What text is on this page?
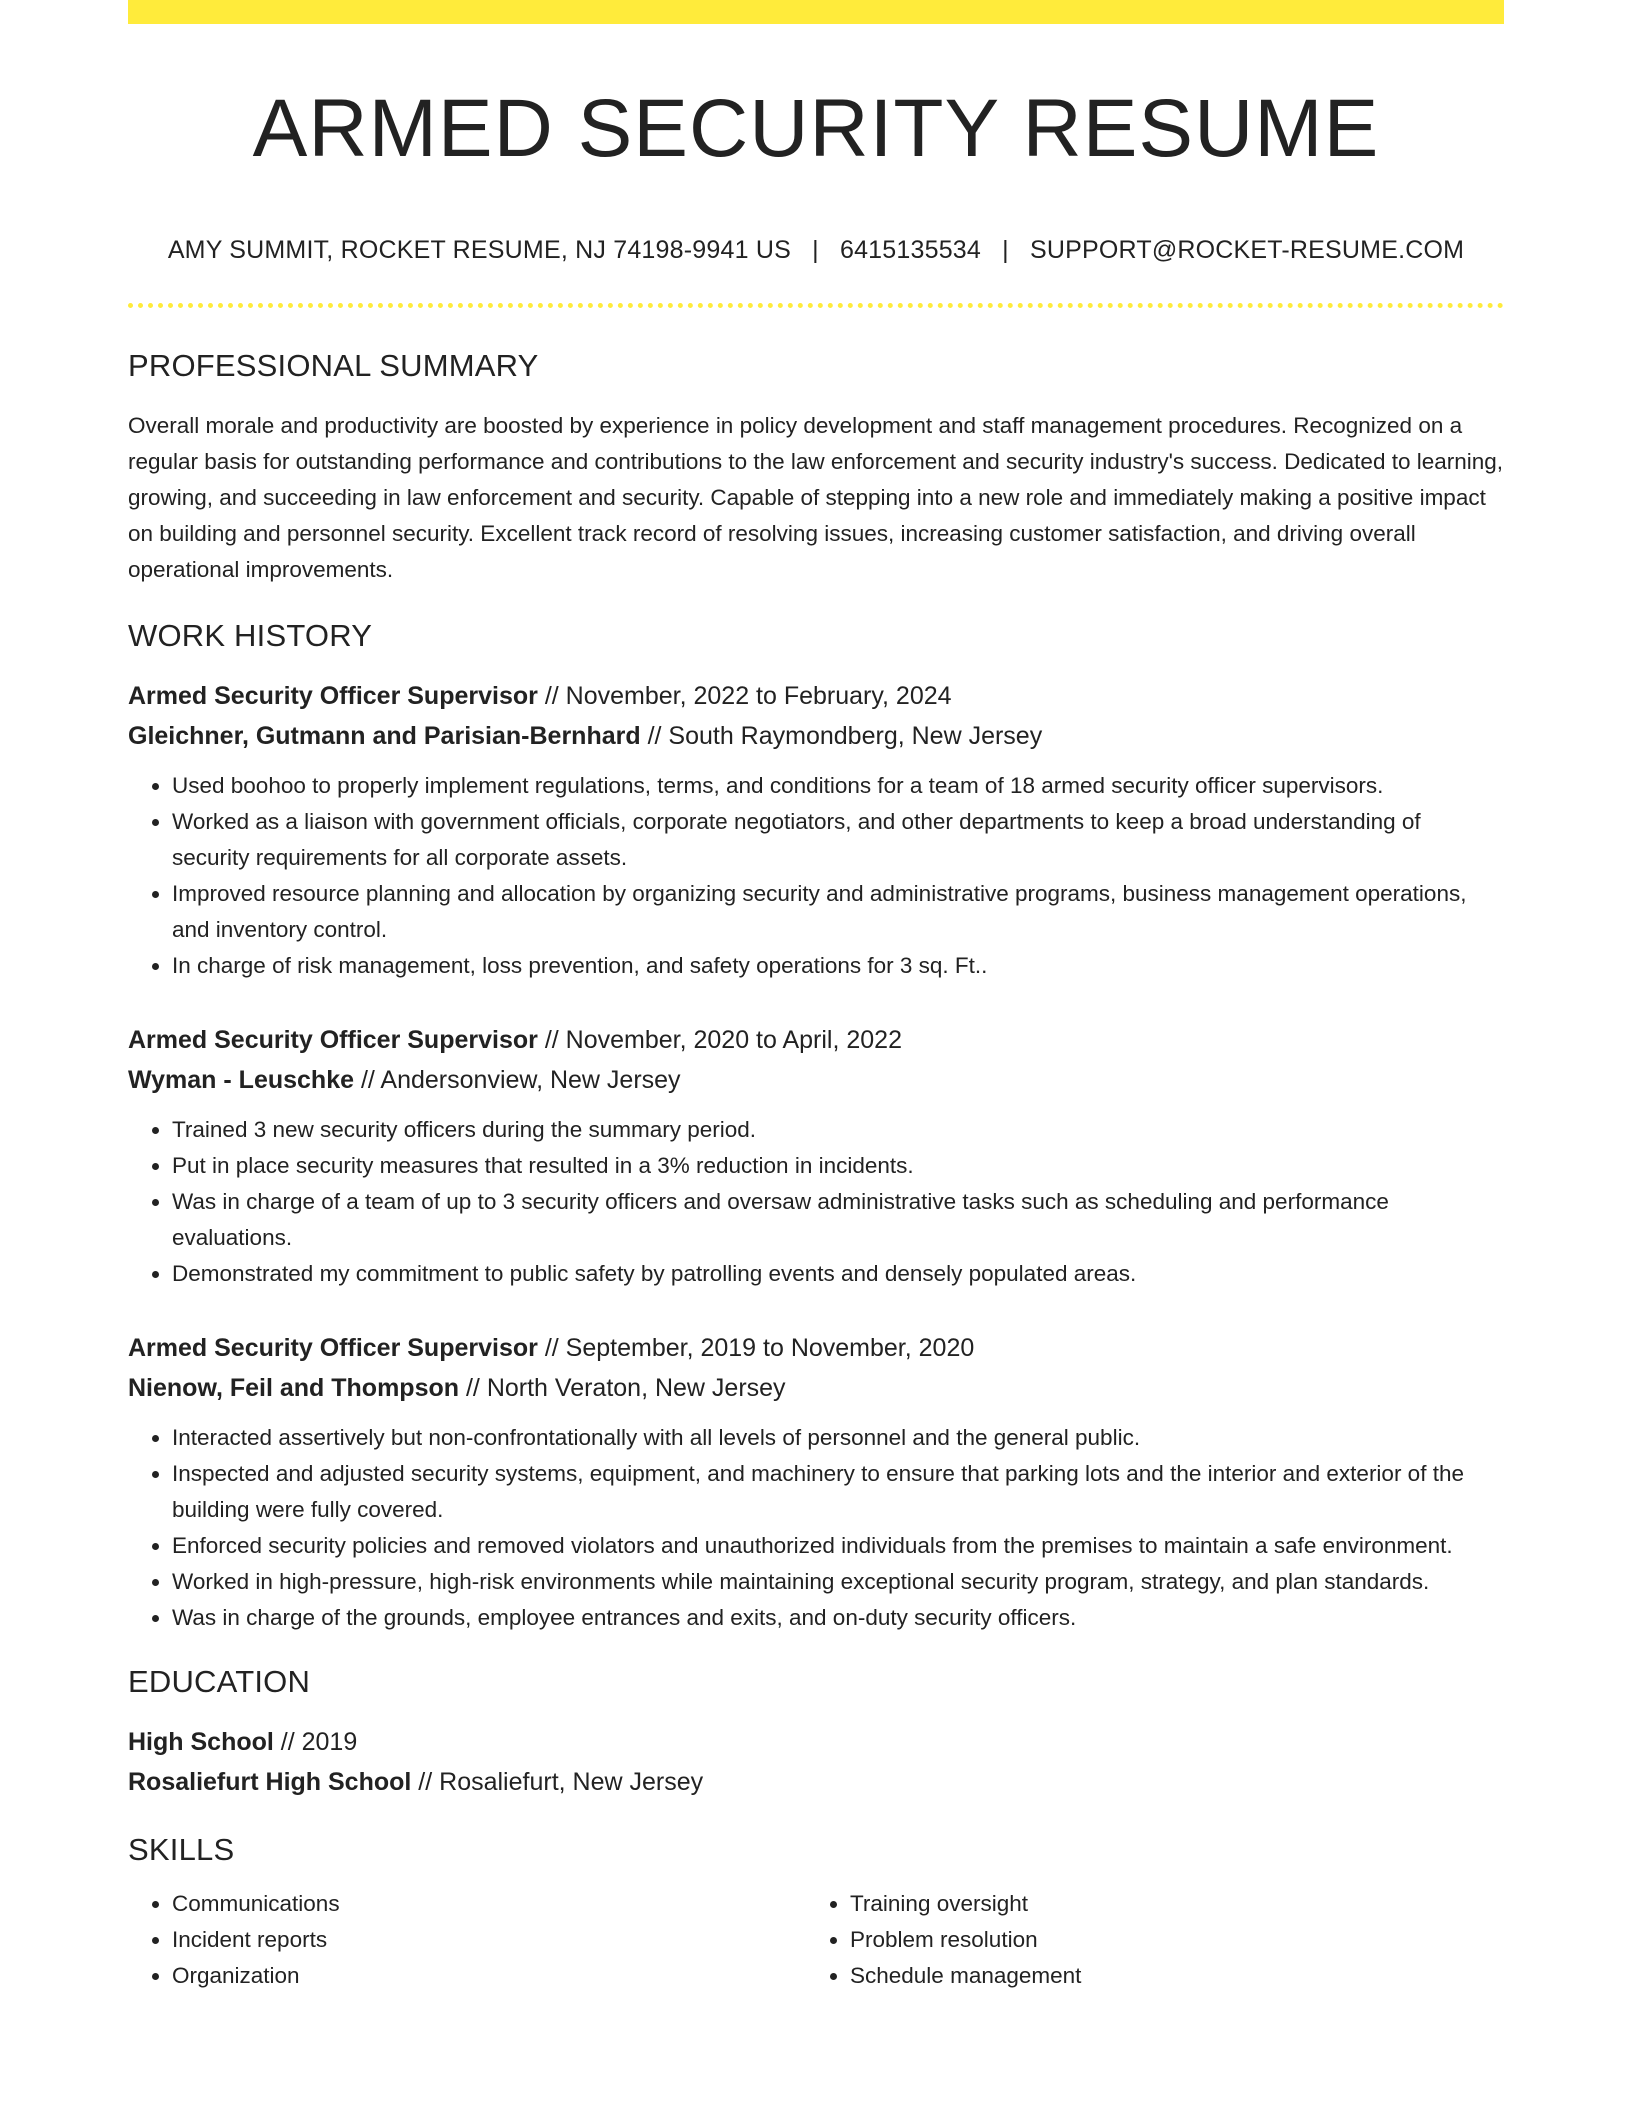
ARMED SECURITY RESUME
AMY SUMMIT, ROCKET RESUME, NJ 74198-9941 US | 6415135534 | SUPPORT@ROCKET-RESUME.COM
PROFESSIONAL SUMMARY
Overall morale and productivity are boosted by experience in policy development and staff management procedures. Recognized on a regular basis for outstanding performance and contributions to the law enforcement and security industry's success. Dedicated to learning, growing, and succeeding in law enforcement and security. Capable of stepping into a new role and immediately making a positive impact on building and personnel security. Excellent track record of resolving issues, increasing customer satisfaction, and driving overall operational improvements.
WORK HISTORY
Armed Security Officer Supervisor // November, 2022 to February, 2024
Gleichner, Gutmann and Parisian-Bernhard // South Raymondberg, New Jersey
• Used boohoo to properly implement regulations, terms, and conditions for a team of 18 armed security officer supervisors.
• Worked as a liaison with government officials, corporate negotiators, and other departments to keep a broad understanding of security requirements for all corporate assets.
• Improved resource planning and allocation by organizing security and administrative programs, business management operations, and inventory control.
• In charge of risk management, loss prevention, and safety operations for 3 sq. Ft..
Armed Security Officer Supervisor // November, 2020 to April, 2022
Wyman - Leuschke // Andersonview, New Jersey
• Trained 3 new security officers during the summary period.
• Put in place security measures that resulted in a 3% reduction in incidents.
• Was in charge of a team of up to 3 security officers and oversaw administrative tasks such as scheduling and performance evaluations.
• Demonstrated my commitment to public safety by patrolling events and densely populated areas.
Armed Security Officer Supervisor // September, 2019 to November, 2020
Nienow, Feil and Thompson // North Veraton, New Jersey
• Interacted assertively but non-confrontationally with all levels of personnel and the general public.
• Inspected and adjusted security systems, equipment, and machinery to ensure that parking lots and the interior and exterior of the building were fully covered.
• Enforced security policies and removed violators and unauthorized individuals from the premises to maintain a safe environment.
• Worked in high-pressure, high-risk environments while maintaining exceptional security program, strategy, and plan standards.
• Was in charge of the grounds, employee entrances and exits, and on-duty security officers.
EDUCATION
High School // 2019
Rosaliefurt High School // Rosaliefurt, New Jersey
SKILLS
• Communications
• Incident reports
• Organization
• Training oversight
• Problem resolution
• Schedule management
